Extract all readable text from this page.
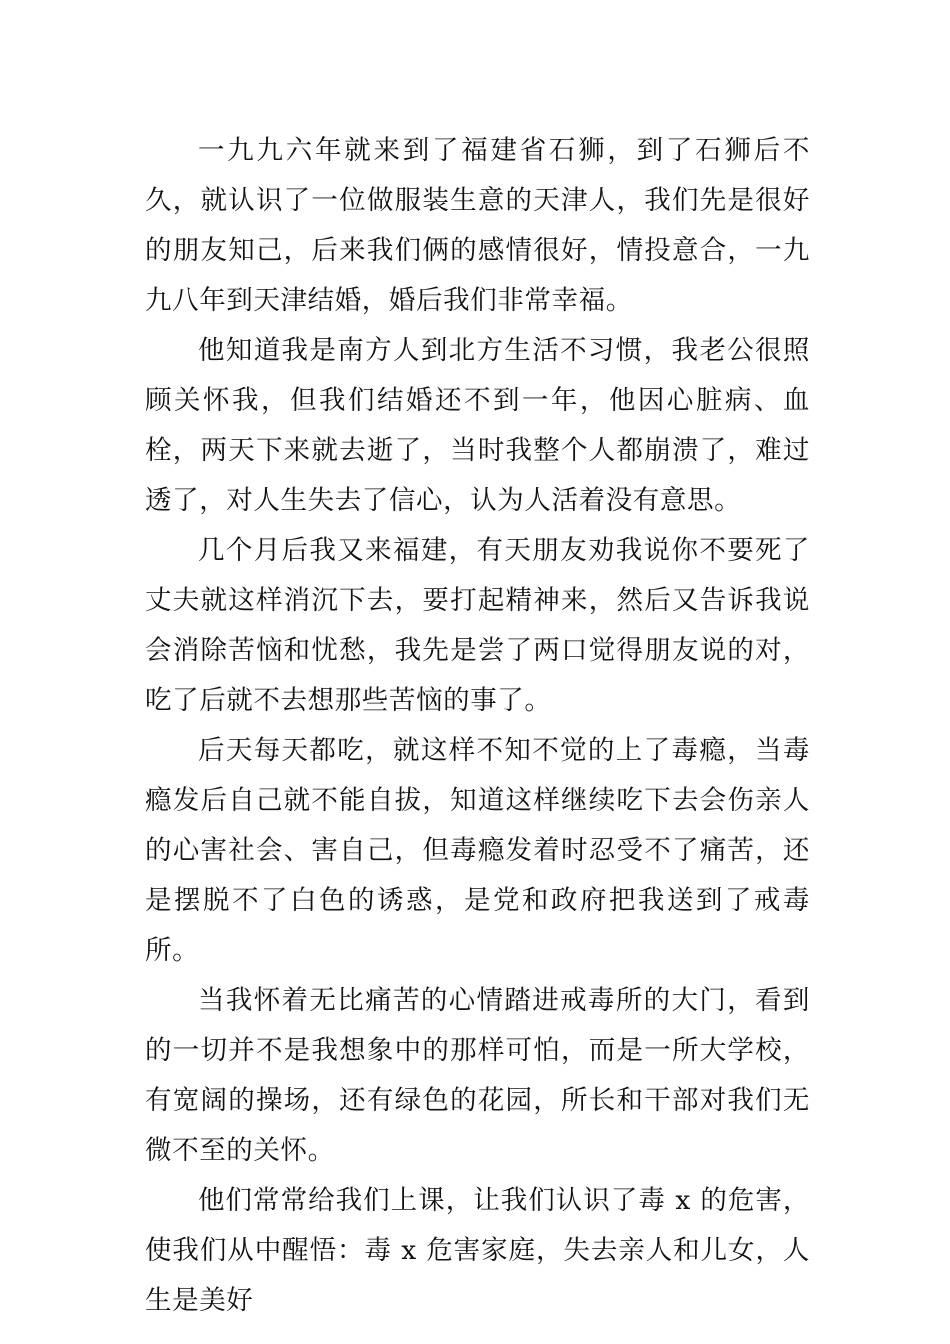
一九九六年就来到了福建省石狮，到了石狮后不久，就认识了一位做服装生意的天津人，我们先是很好的朋友知己，后来我们俩的感情很好，情投意合，一九九八年到天津结婚，婚后我们非常幸福。

他知道我是南方人到北方生活不习惯，我老公很照顾关怀我，但我们结婚还不到一年，他因心脏病、血栓，两天下来就去逝了，当时我整个人都崩溃了，难过透了，对人生失去了信心，认为人活着没有意思。

几个月后我又来福建，有天朋友劝我说你不要死了丈夫就这样消沉下去，要打起精神来，然后又告诉我说会消除苦恼和忧愁，我先是尝了两口觉得朋友说的对，吃了后就不去想那些苦恼的事了。

后天每天都吃，就这样不知不觉的上了毒瘾，当毒瘾发后自己就不能自拔，知道这样继续吃下去会伤亲人的心害社会、害自己，但毒瘾发着时忍受不了痛苦，还是摆脱不了白色的诱惑，是党和政府把我送到了戒毒所。

当我怀着无比痛苦的心情踏进戒毒所的大门，看到的一切并不是我想象中的那样可怕，而是一所大学校，有宽阔的操场，还有绿色的花园，所长和干部对我们无微不至的关怀。

他们常常给我们上课，让我们认识了毒 x 的危害，使我们从中醒悟：毒 x 危害家庭，失去亲人和儿女，人生是美好
